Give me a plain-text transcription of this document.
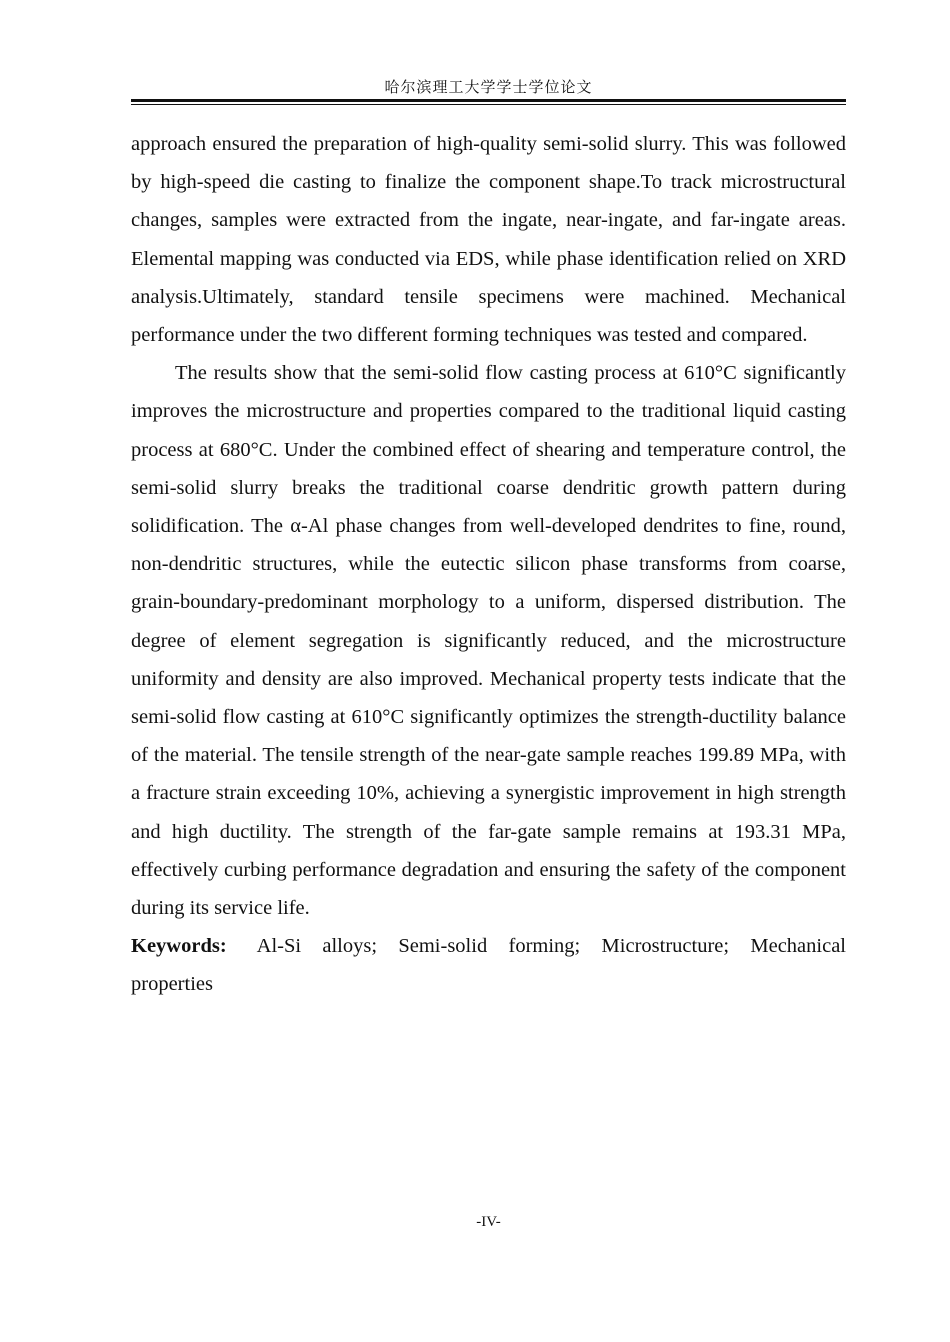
哈尔滨理工大学学士学位论文

approach ensured the preparation of high-quality semi-solid slurry. This was followed by high-speed die casting to finalize the component shape.To track microstructural changes, samples were extracted from the ingate, near-ingate, and far-ingate areas. Elemental mapping was conducted via EDS, while phase identification relied on XRD analysis.Ultimately, standard tensile specimens were machined. Mechanical performance under the two different forming techniques was tested and compared.

The results show that the semi-solid flow casting process at 610°C significantly improves the microstructure and properties compared to the traditional liquid casting process at 680°C. Under the combined effect of shearing and temperature control, the semi-solid slurry breaks the traditional coarse dendritic growth pattern during solidification. The α-Al phase changes from well-developed dendrites to fine, round, non-dendritic structures, while the eutectic silicon phase transforms from coarse, grain-boundary-predominant morphology to a uniform, dispersed distribution. The degree of element segregation is significantly reduced, and the microstructure uniformity and density are also improved. Mechanical property tests indicate that the semi-solid flow casting at 610°C significantly optimizes the strength-ductility balance of the material. The tensile strength of the near-gate sample reaches 199.89 MPa, with a fracture strain exceeding 10%, achieving a synergistic improvement in high strength and high ductility. The strength of the far-gate sample remains at 193.31 MPa, effectively curbing performance degradation and ensuring the safety of the component during its service life.

Keywords: Al-Si alloys; Semi-solid forming; Microstructure; Mechanical properties

-IV-
